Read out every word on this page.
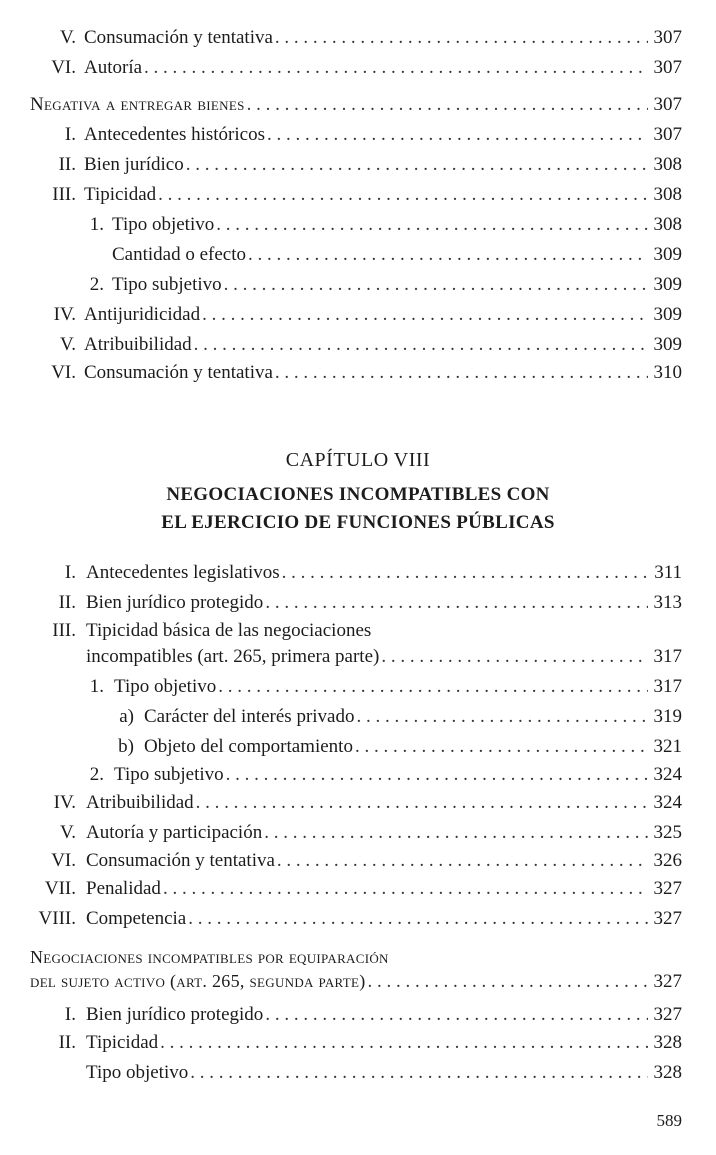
V. Consumación y tentativa . . .	307
VI. Autoría . . .	307
Negativa a entregar bienes . . .	307
I. Antecedentes históricos . . .	307
II. Bien jurídico . . .	308
III. Tipicidad . . .	308
1. Tipo objetivo . . .	308
Cantidad o efecto . . .	309
2. Tipo subjetivo . . .	309
IV. Antijuridicidad . . .	309
V. Atribuibilidad . . .	309
VI. Consumación y tentativa . . .	310
CAPÍTULO VIII
NEGOCIACIONES INCOMPATIBLES CON
EL EJERCICIO DE FUNCIONES PÚBLICAS
I. Antecedentes legislativos . . .	311
II. Bien jurídico protegido . . .	313
III. Tipicidad básica de las negociaciones
incompatibles (art. 265, primera parte) . . .	317
1. Tipo objetivo . . .	317
a) Carácter del interés privado . . .	319
b) Objeto del comportamiento . . .	321
2. Tipo subjetivo . . .	324
IV. Atribuibilidad . . .	324
V. Autoría y participación . . .	325
VI. Consumación y tentativa . . .	326
VII. Penalidad . . .	327
VIII. Competencia . . .	327
Negociaciones incompatibles por equiparación
del sujeto activo (art. 265, segunda parte) . . .	327
I. Bien jurídico protegido . . .	327
II. Tipicidad . . .	328
Tipo objetivo . . .	328
589
